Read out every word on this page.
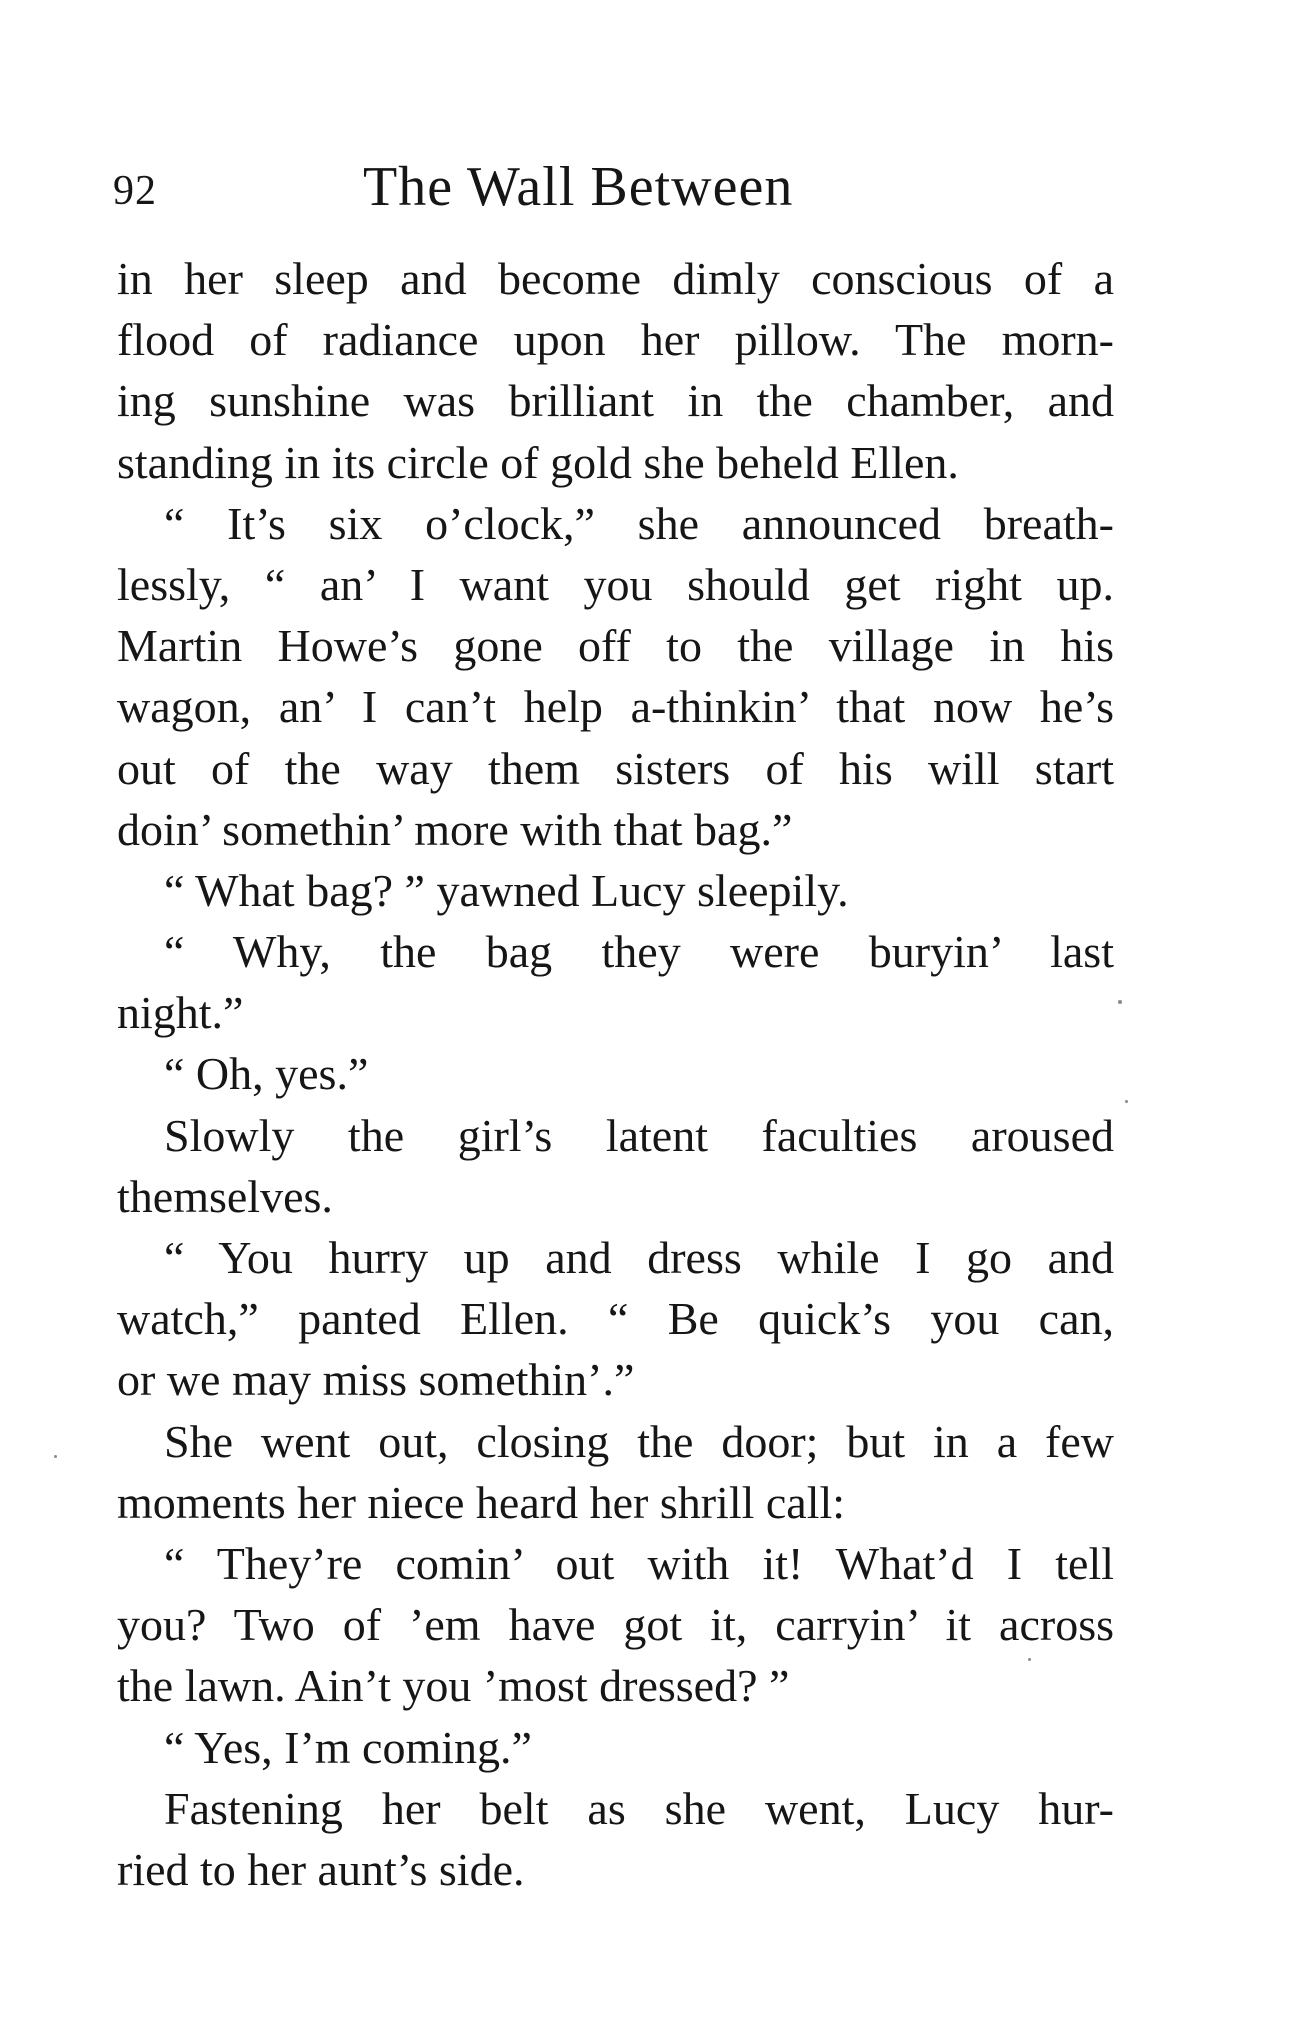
92	The Wall Between
in her sleep and become dimly conscious of a
flood of radiance upon her pillow. The morn-
ing sunshine was brilliant in the chamber, and
standing in its circle of gold she beheld Ellen.
“ It’s six o’clock,” she announced breath-
lessly, “ an’ I want you should get right up.
Martin Howe’s gone off to the village in his
wagon, an’ I can’t help a-thinkin’ that now he’s
out of the way them sisters of his will start
doin’ somethin’ more with that bag.”
“ What bag? ” yawned Lucy sleepily.
“ Why, the bag they were buryin’ last
night.”
“ Oh, yes.”
Slowly the girl’s latent faculties aroused
themselves.
“ You hurry up and dress while I go and
watch,” panted Ellen. “ Be quick’s you can,
or we may miss somethin’.”
She went out, closing the door; but in a few
moments her niece heard her shrill call:
“ They’re comin’ out with it! What’d I tell
you? Two of ’em have got it, carryin’ it across
the lawn. Ain’t you ’most dressed? ”
“ Yes, I’m coming.”
Fastening her belt as she went, Lucy hur-
ried to her aunt’s side.
